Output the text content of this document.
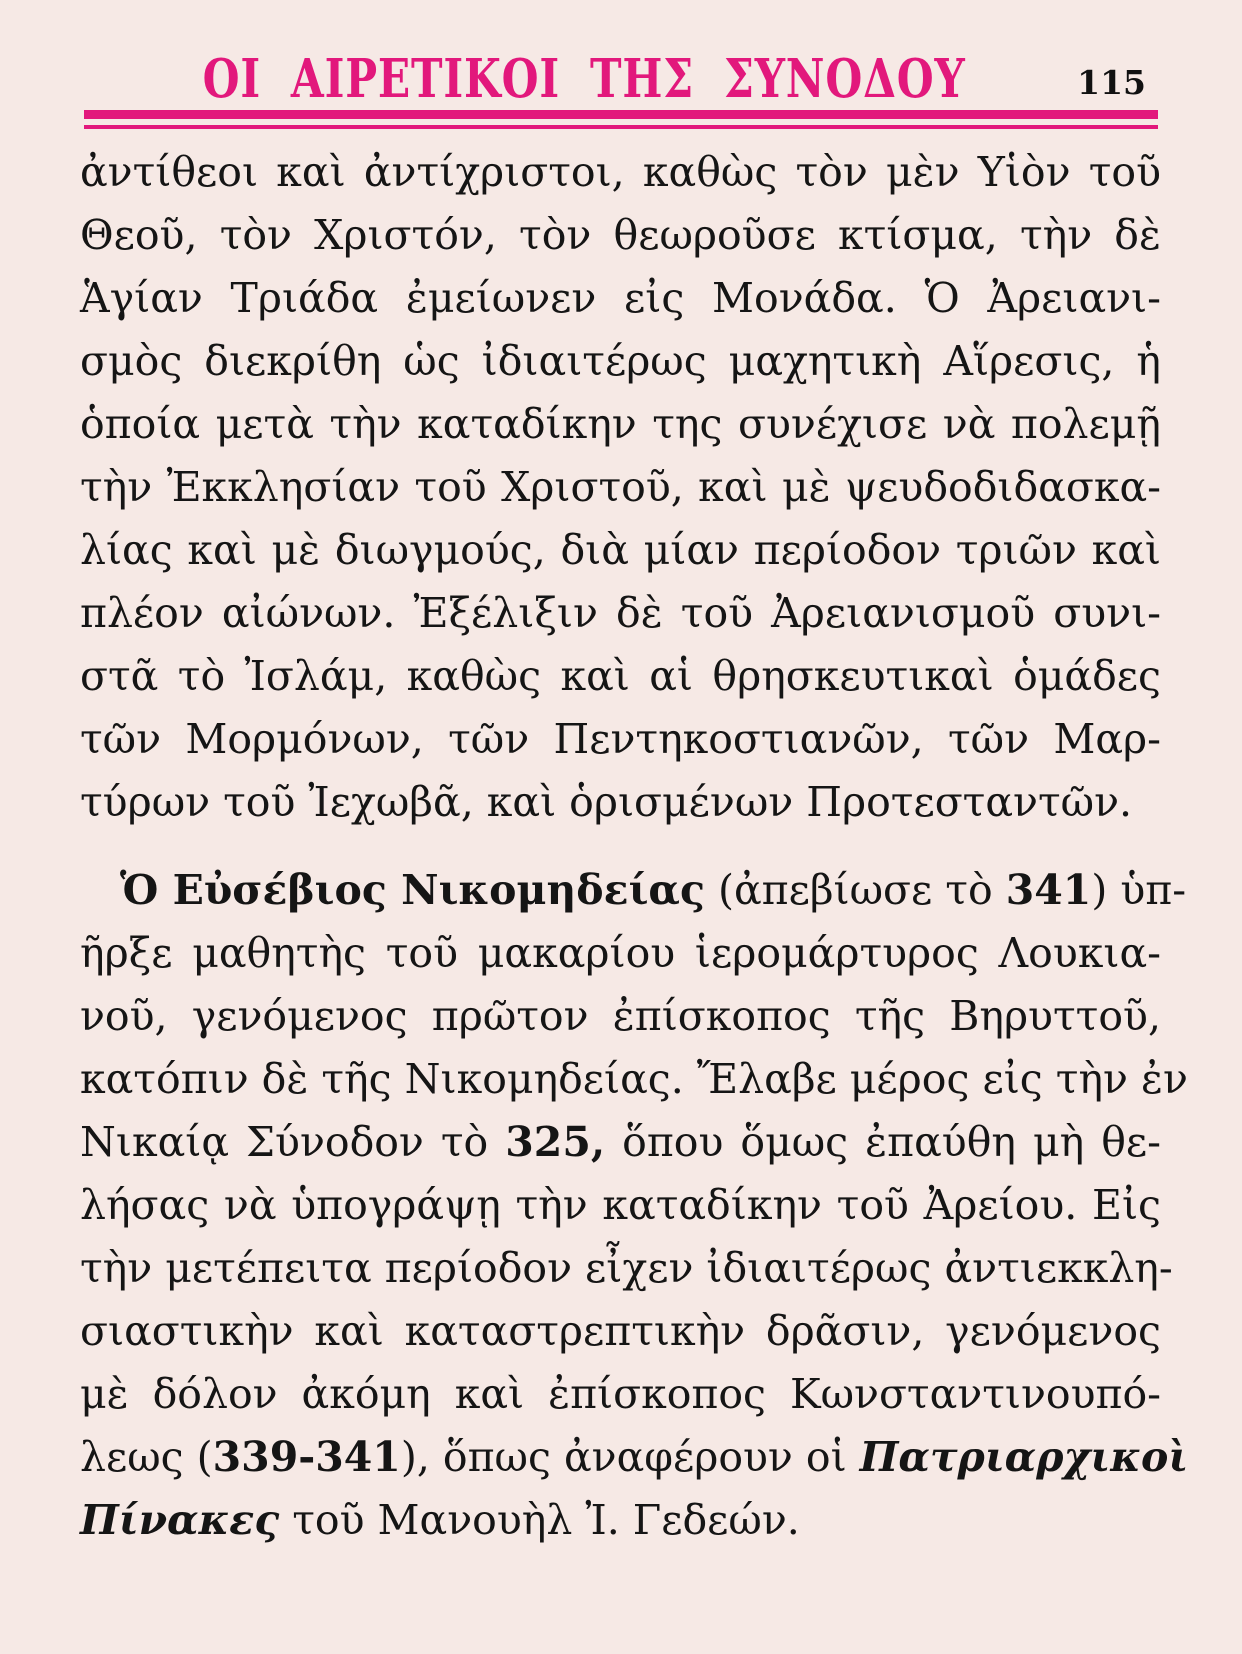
ΟΙ ΑΙΡΕΤΙΚΟΙ ΤΗΣ ΣΥΝΟΔΟΥ	115
ἀντίθεοι καὶ ἀντίχριστοι, καθὼς τὸν μὲν Υἱὸν τοῦ
Θεοῦ, τὸν Χριστόν, τὸν θεωροῦσε κτίσμα, τὴν δὲ
Ἁγίαν Τριάδα ἐμείωνεν εἰς Μονάδα. Ὁ Ἀρειανι-
σμὸς διεκρίθη ὡς ἰδιαιτέρως μαχητικὴ Αἵρεσις, ἡ
ὁποία μετὰ τὴν καταδίκην της συνέχισε νὰ πολεμῇ
τὴν Ἐκκλησίαν τοῦ Χριστοῦ, καὶ μὲ ψευδοδιδασκα-
λίας καὶ μὲ διωγμούς, διὰ μίαν περίοδον τριῶν καὶ
πλέον αἰώνων. Ἐξέλιξιν δὲ τοῦ Ἀρειανισμοῦ συνι-
στᾶ τὸ Ἰσλάμ, καθὼς καὶ αἱ θρησκευτικαὶ ὁμάδες
τῶν Μορμόνων, τῶν Πεντηκοστιανῶν, τῶν Μαρ-
τύρων τοῦ Ἰεχωβᾶ, καὶ ὁρισμένων Προτεσταντῶν.
Ὁ Εὐσέβιος Νικομηδείας (ἀπεβίωσε τὸ 341) ὑπ-
ῆρξε μαθητὴς τοῦ μακαρίου ἱερομάρτυρος Λουκια-
νοῦ, γενόμενος πρῶτον ἐπίσκοπος τῆς Βηρυττοῦ,
κατόπιν δὲ τῆς Νικομηδείας. Ἔλαβε μέρος εἰς τὴν ἐν
Νικαίᾳ Σύνοδον τὸ 325, ὅπου ὅμως ἐπαύθη μὴ θε-
λήσας νὰ ὑπογράψῃ τὴν καταδίκην τοῦ Ἀρείου. Εἰς
τὴν μετέπειτα περίοδον εἶχεν ἰδιαιτέρως ἀντιεκκλη-
σιαστικὴν καὶ καταστρεπτικὴν δρᾶσιν, γενόμενος
μὲ δόλον ἀκόμη καὶ ἐπίσκοπος Κωνσταντινουπό-
λεως (339-341), ὅπως ἀναφέρουν οἱ Πατριαρχικοὶ
Πίνακες τοῦ Μανουὴλ Ἰ. Γεδεών.
